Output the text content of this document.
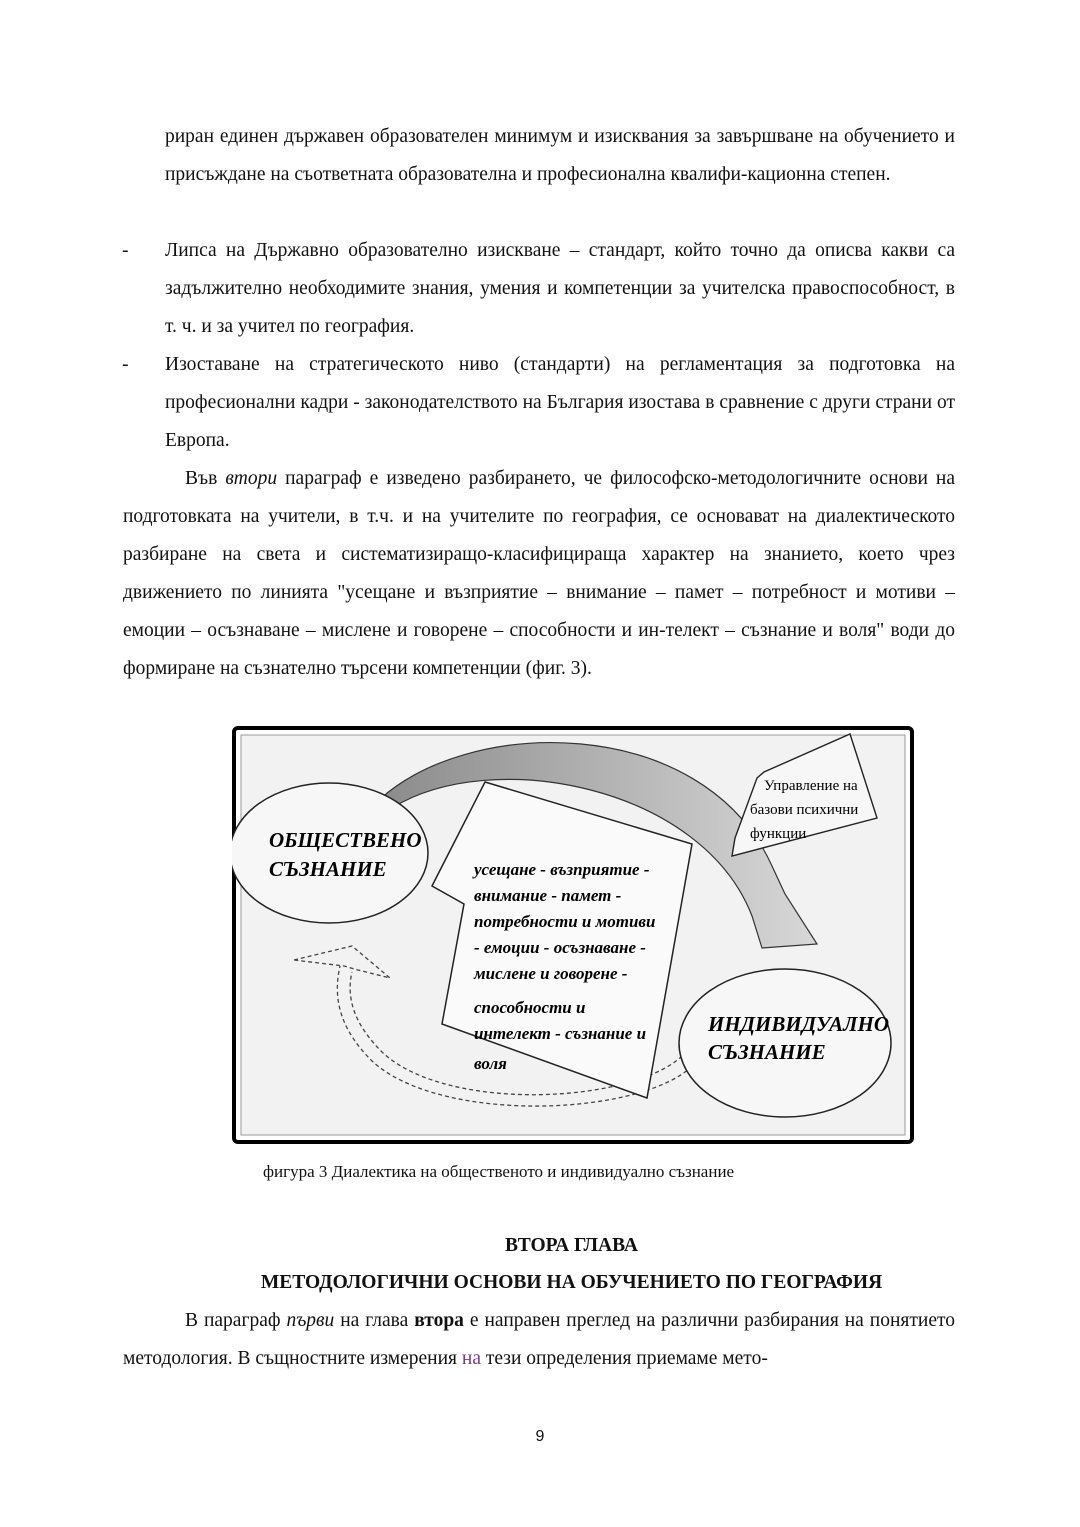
риран единен държавен образователен минимум и изисквания за завършване на обучението и присъждане на съответната образователна и професионална квалифи-кационна степен.
- Липса на Държавно образователно изискване – стандарт, който точно да описва какви са задължително необходимите знания, умения и компетенции за учителска правоспособност, в т. ч. и за учител по география.
- Изоставане на стратегическото ниво (стандарти) на регламентация за подготовка на професионални кадри - законодателството на България изостава в сравнение с други страни от Европа.
Във втори параграф е изведено разбирането, че философско-методологичните основи на подготовката на учители, в т.ч. и на учителите по география, се основават на диалектическото разбиране на света и систематизиращо-класифицираща характер на знанието, което чрез движението по линията "усещане и възприятие – внимание – памет – потребност и мотиви – емоции – осъзнаване – мислене и говорене – способности и ин-телект – съзнание и воля" води до формиране на съзнателно търсени компетенции (фиг. 3).
ОБЩЕСТВЕНО
СЪЗНАНИЕ
ИНДИВИДУАЛНО
СЪЗНАНИЕ
усещане - възприятие -
внимание - памет -
потребности и мотиви
- емоции - осъзнаване -
мислене и говорене -
способности и
интелект - съзнание и
воля
Управление на
базови психични
функции
фигура 3 Диалектика на общественото и индивидуално съзнание
ВТОРА ГЛАВА
МЕТОДОЛОГИЧНИ ОСНОВИ НА ОБУЧЕНИЕТО ПО ГЕОГРАФИЯ
В параграф първи на глава втора е направен преглед на различни разбирания на понятието методология. В същностните измерения на тези определения приемаме мето-
9
